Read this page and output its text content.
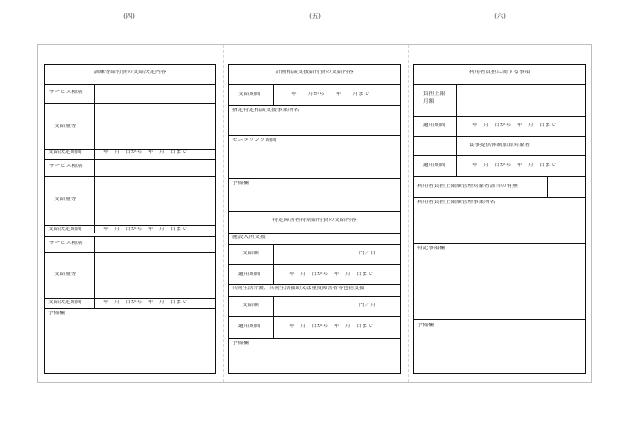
(四)
訓練等給付費の支給決定内容
サービス種別
支給量等
支給決定期間	年　月　日から　年　月　日まで
サービス種別
支給量等
支給決定期間	年　月　日から　年　月　日まで
サービス種別
支給量等
支給決定期間	年　月　日から　年　月　日まで
予備欄
(五)
計画相談支援給付費の支給内容
支給期間	年　　月から　　年　　月まで
指定特定相談支援事業所名
モニタリング期間
予備欄
特定障害者特別給付費の支給内容
施設入所支援
支給額	円／日
適用期間	年　月　日から　年　月　日まで
共同生活介護、共同生活援助又は重度障害者等包括支援
支給額	円／月
適用期間	年　月　日から　年　月　日まで
予備欄
(六)
利用者負担に関する事項
負担上限月額
適用期間	年　月　日から　年　月　日まで
食事提供体制加算対象者
適用期間	年　月　日から　年　月　日まで
利用者負担上限額管理対象者該当の有無
利用者負担上限額管理事業所名
特記事項欄
予備欄
